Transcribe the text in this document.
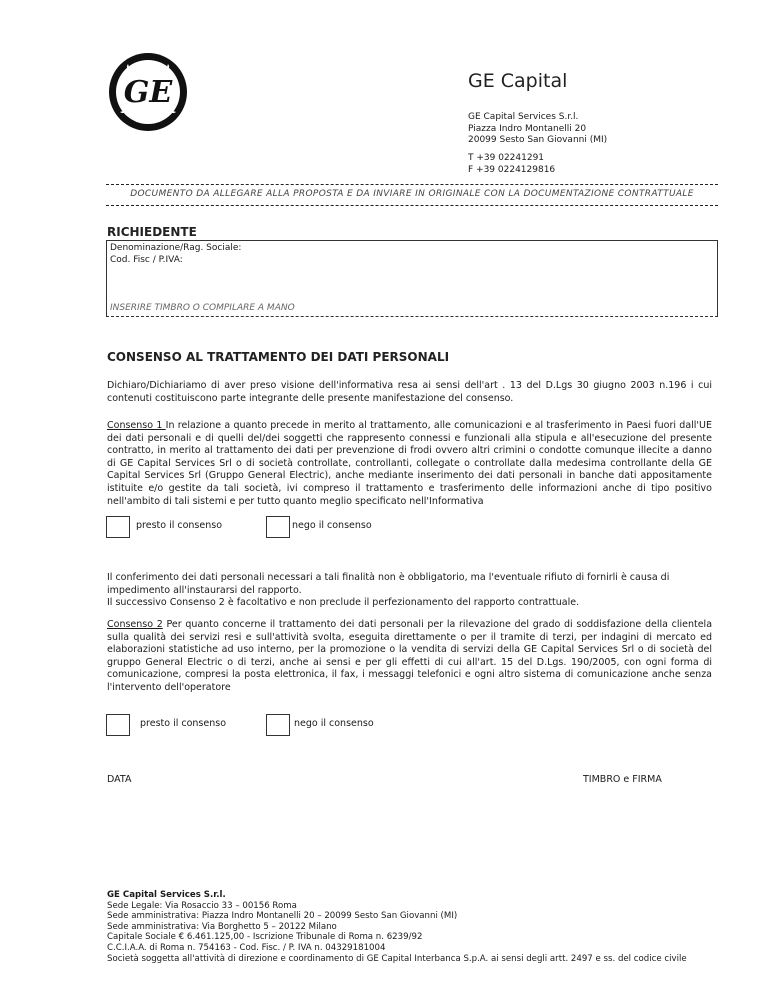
GE	GE Capital
GE Capital Services S.r.l.
Piazza Indro Montanelli 20
20099 Sesto San Giovanni (MI)
T +39 02241291
F +39 0224129816
DOCUMENTO DA ALLEGARE ALLA PROPOSTA E DA INVIARE IN ORIGINALE CON LA DOCUMENTAZIONE CONTRATTUALE
RICHIEDENTE
Denominazione/Rag. Sociale:
Cod. Fisc / P.IVA:
INSERIRE TIMBRO O COMPILARE A MANO
CONSENSO AL TRATTAMENTO DEI DATI PERSONALI
Dichiaro/Dichiariamo di aver preso visione dell'informativa resa ai sensi dell'art . 13 del D.Lgs 30 giugno 2003 n.196 i cui contenuti costituiscono parte integrante delle presente manifestazione del consenso.
Consenso 1 In relazione a quanto precede in merito al trattamento, alle comunicazioni e al trasferimento in Paesi fuori dall'UE dei dati personali e di quelli del/dei soggetti che rappresento connessi e funzionali alla stipula e all'esecuzione del presente contratto, in merito al trattamento dei dati per prevenzione di frodi ovvero altri crimini o condotte comunque illecite a danno di GE Capital Services Srl o di società controllate, controllanti, collegate o controllate dalla medesima controllante della GE Capital Services Srl (Gruppo General Electric), anche mediante inserimento dei dati personali in banche dati appositamente istituite e/o gestite da tali società, ivi compreso il trattamento e trasferimento delle informazioni anche di tipo positivo nell'ambito di tali sistemi e per tutto quanto meglio specificato nell'Informativa
presto il consenso	nego il consenso
Il conferimento dei dati personali necessari a tali finalità non è obbligatorio, ma l'eventuale rifiuto di fornirli è causa di impedimento all'instaurarsi del rapporto.
Il successivo Consenso 2 è facoltativo e non preclude il perfezionamento del rapporto contrattuale.
Consenso 2 Per quanto concerne il trattamento dei dati personali per la rilevazione del grado di soddisfazione della clientela sulla qualità dei servizi resi e sull'attività svolta, eseguita direttamente o per il tramite di terzi, per indagini di mercato ed elaborazioni statistiche ad uso interno, per la promozione o la vendita di servizi della GE Capital Services Srl o di società del gruppo General Electric o di terzi, anche ai sensi e per gli effetti di cui all'art. 15 del D.Lgs. 190/2005, con ogni forma di comunicazione, compresi la posta elettronica, il fax, i messaggi telefonici e ogni altro sistema di comunicazione anche senza l'intervento dell'operatore
presto il consenso	nego il consenso
DATA	TIMBRO e FIRMA
GE Capital Services S.r.l.
Sede Legale: Via Rosaccio 33 – 00156 Roma
Sede amministrativa: Piazza Indro Montanelli 20 – 20099 Sesto San Giovanni (MI)
Sede amministrativa: Via Borghetto 5 – 20122 Milano
Capitale Sociale € 6.461.125,00 - Iscrizione Tribunale di Roma n. 6239/92
C.C.I.A.A. di Roma n. 754163 - Cod. Fisc. / P. IVA n. 04329181004
Società soggetta all'attività di direzione e coordinamento di GE Capital Interbanca S.p.A. ai sensi degli artt. 2497 e ss. del codice civile
